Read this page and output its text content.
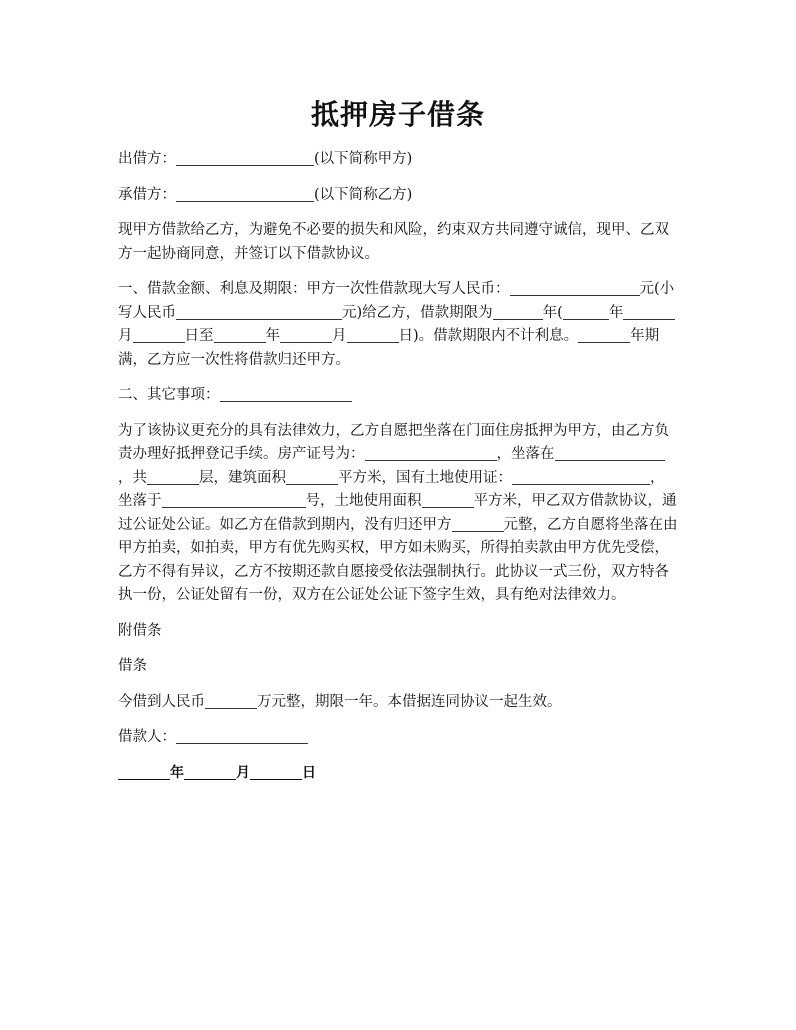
抵押房子借条

出借方：	(以下简称甲方)

承借方：	(以下简称乙方)

现甲方借款给乙方，为避免不必要的损失和风险，约束双方共同遵守诚信，现甲、乙双方一起协商同意，并签订以下借款协议。

一、借款金额、利息及期限：甲方一次性借款现大写人民币：	元(小写人民币	元)给乙方，借款期限为	年(	年月	日至	年	月	日)。借款期限内不计利息。	年期满，乙方应一次性将借款归还甲方。

二、其它事项：

为了该协议更充分的具有法律效力，乙方自愿把坐落在门面住房抵押为甲方，由乙方负责办理好抵押登记手续。房产证号为：	，坐落在，共	层，建筑面积	平方米，国有土地使用证：	，坐落于	号，土地使用面积	平方米，甲乙双方借款协议，通过公证处公证。如乙方在借款到期内，没有归还甲方	元整，乙方自愿将坐落在由甲方拍卖，如拍卖，甲方有优先购买权，甲方如未购买，所得拍卖款由甲方优先受偿，乙方不得有异议，乙方不按期还款自愿接受依法强制执行。此协议一式三份，双方特各执一份，公证处留有一份，双方在公证处公证下签字生效，具有绝对法律效力。

附借条

借条

今借到人民币	万元整，期限一年。本借据连同协议一起生效。

借款人：

年	月	日
